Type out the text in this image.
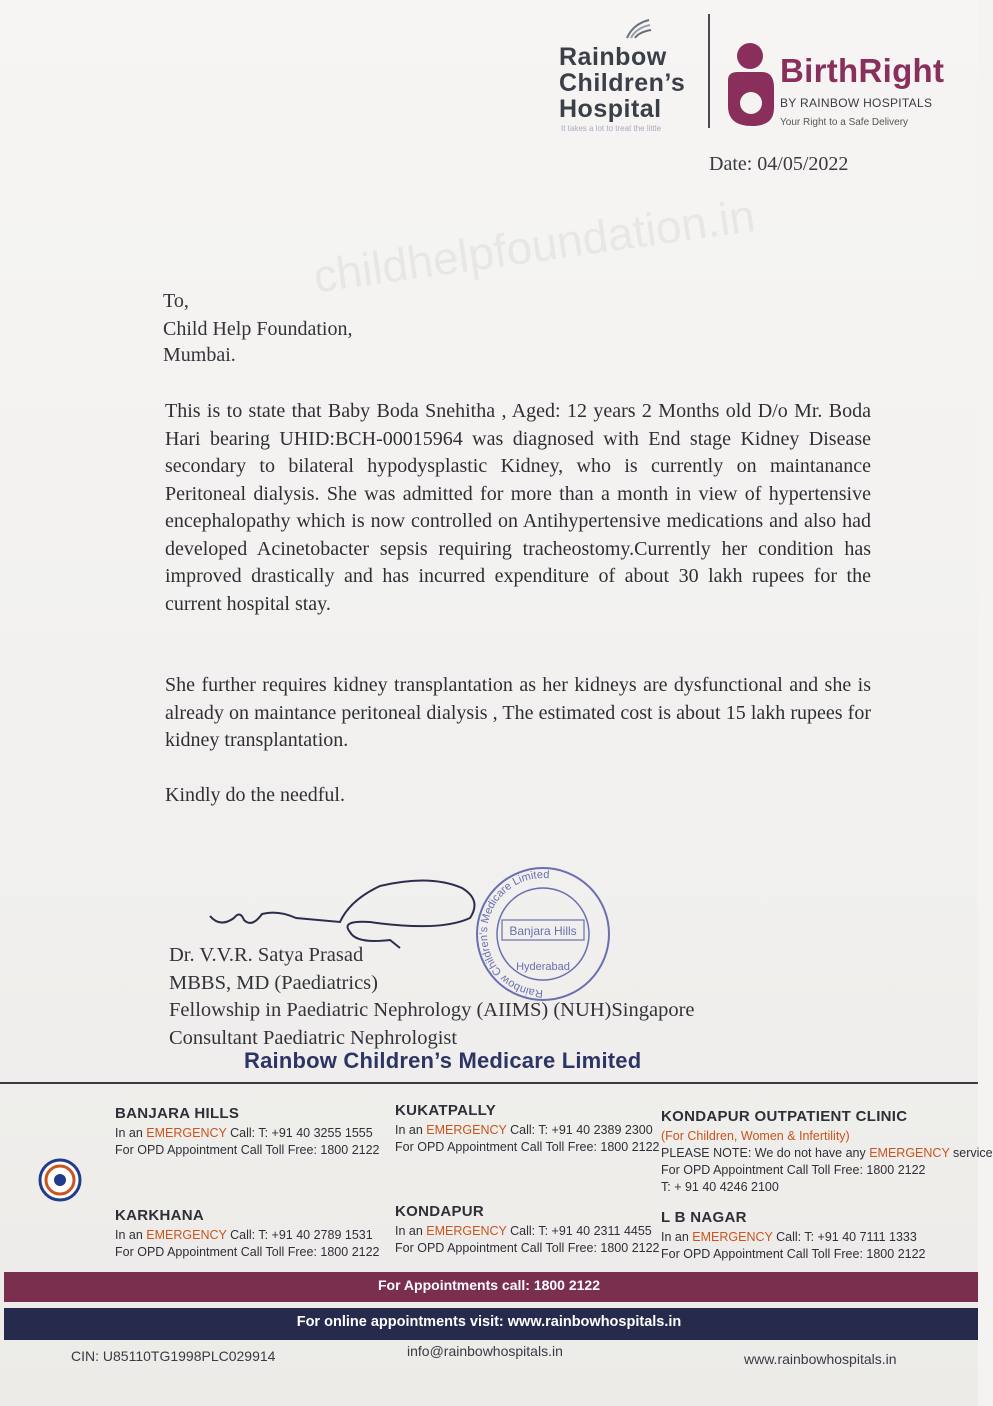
Rainbow
Children’s
Hospital
It takes a lot to treat the little
BirthRight
BY RAINBOW HOSPITALS
Your Right to a Safe Delivery
Date: 04/05/2022
childhelpfoundation.in
To,
Child Help Foundation,
Mumbai.
This is to state that Baby Boda Snehitha , Aged: 12 years 2 Months old D/o Mr. Boda Hari bearing UHID:BCH-00015964 was diagnosed with End stage Kidney Disease secondary to bilateral hypodysplastic Kidney, who is currently on maintanance Peritoneal dialysis. She was admitted for more than a month in view of hypertensive encephalopathy which is now controlled on Antihypertensive medications and also had developed Acinetobacter sepsis requiring tracheostomy.Currently her condition has improved drastically and has incurred expenditure of about 30 lakh rupees for the current hospital stay.
She further requires kidney transplantation as her kidneys are dysfunctional and she is already on maintance peritoneal dialysis , The estimated cost is about 15 lakh rupees for kidney transplantation.
Kindly do the needful.
Rainbow Children’s Medicare Limited
Banjara Hills
Hyderabad
Dr. V.V.R. Satya Prasad
MBBS, MD (Paediatrics)
Fellowship in Paediatric Nephrology (AIIMS) (NUH)Singapore
Consultant Paediatric Nephrologist
Rainbow Children’s Medicare Limited
BANJARA HILLS
In an EMERGENCY Call: T: +91 40 3255 1555
For OPD Appointment Call Toll Free: 1800 2122
KUKATPALLY
In an EMERGENCY Call: T: +91 40 2389 2300
For OPD Appointment Call Toll Free: 1800 2122
KONDAPUR OUTPATIENT CLINIC
(For Children, Women & Infertility)
PLEASE NOTE: We do not have any EMERGENCY service
For OPD Appointment Call Toll Free: 1800 2122
T: + 91 40 4246 2100
KARKHANA
In an EMERGENCY Call: T: +91 40 2789 1531
For OPD Appointment Call Toll Free: 1800 2122
KONDAPUR
In an EMERGENCY Call: T: +91 40 2311 4455
For OPD Appointment Call Toll Free: 1800 2122
L B NAGAR
In an EMERGENCY Call: T: +91 40 7111 1333
For OPD Appointment Call Toll Free: 1800 2122
For Appointments call: 1800 2122
For online appointments visit: www.rainbowhospitals.in
CIN: U85110TG1998PLC029914	info@rainbowhospitals.in	www.rainbowhospitals.in
